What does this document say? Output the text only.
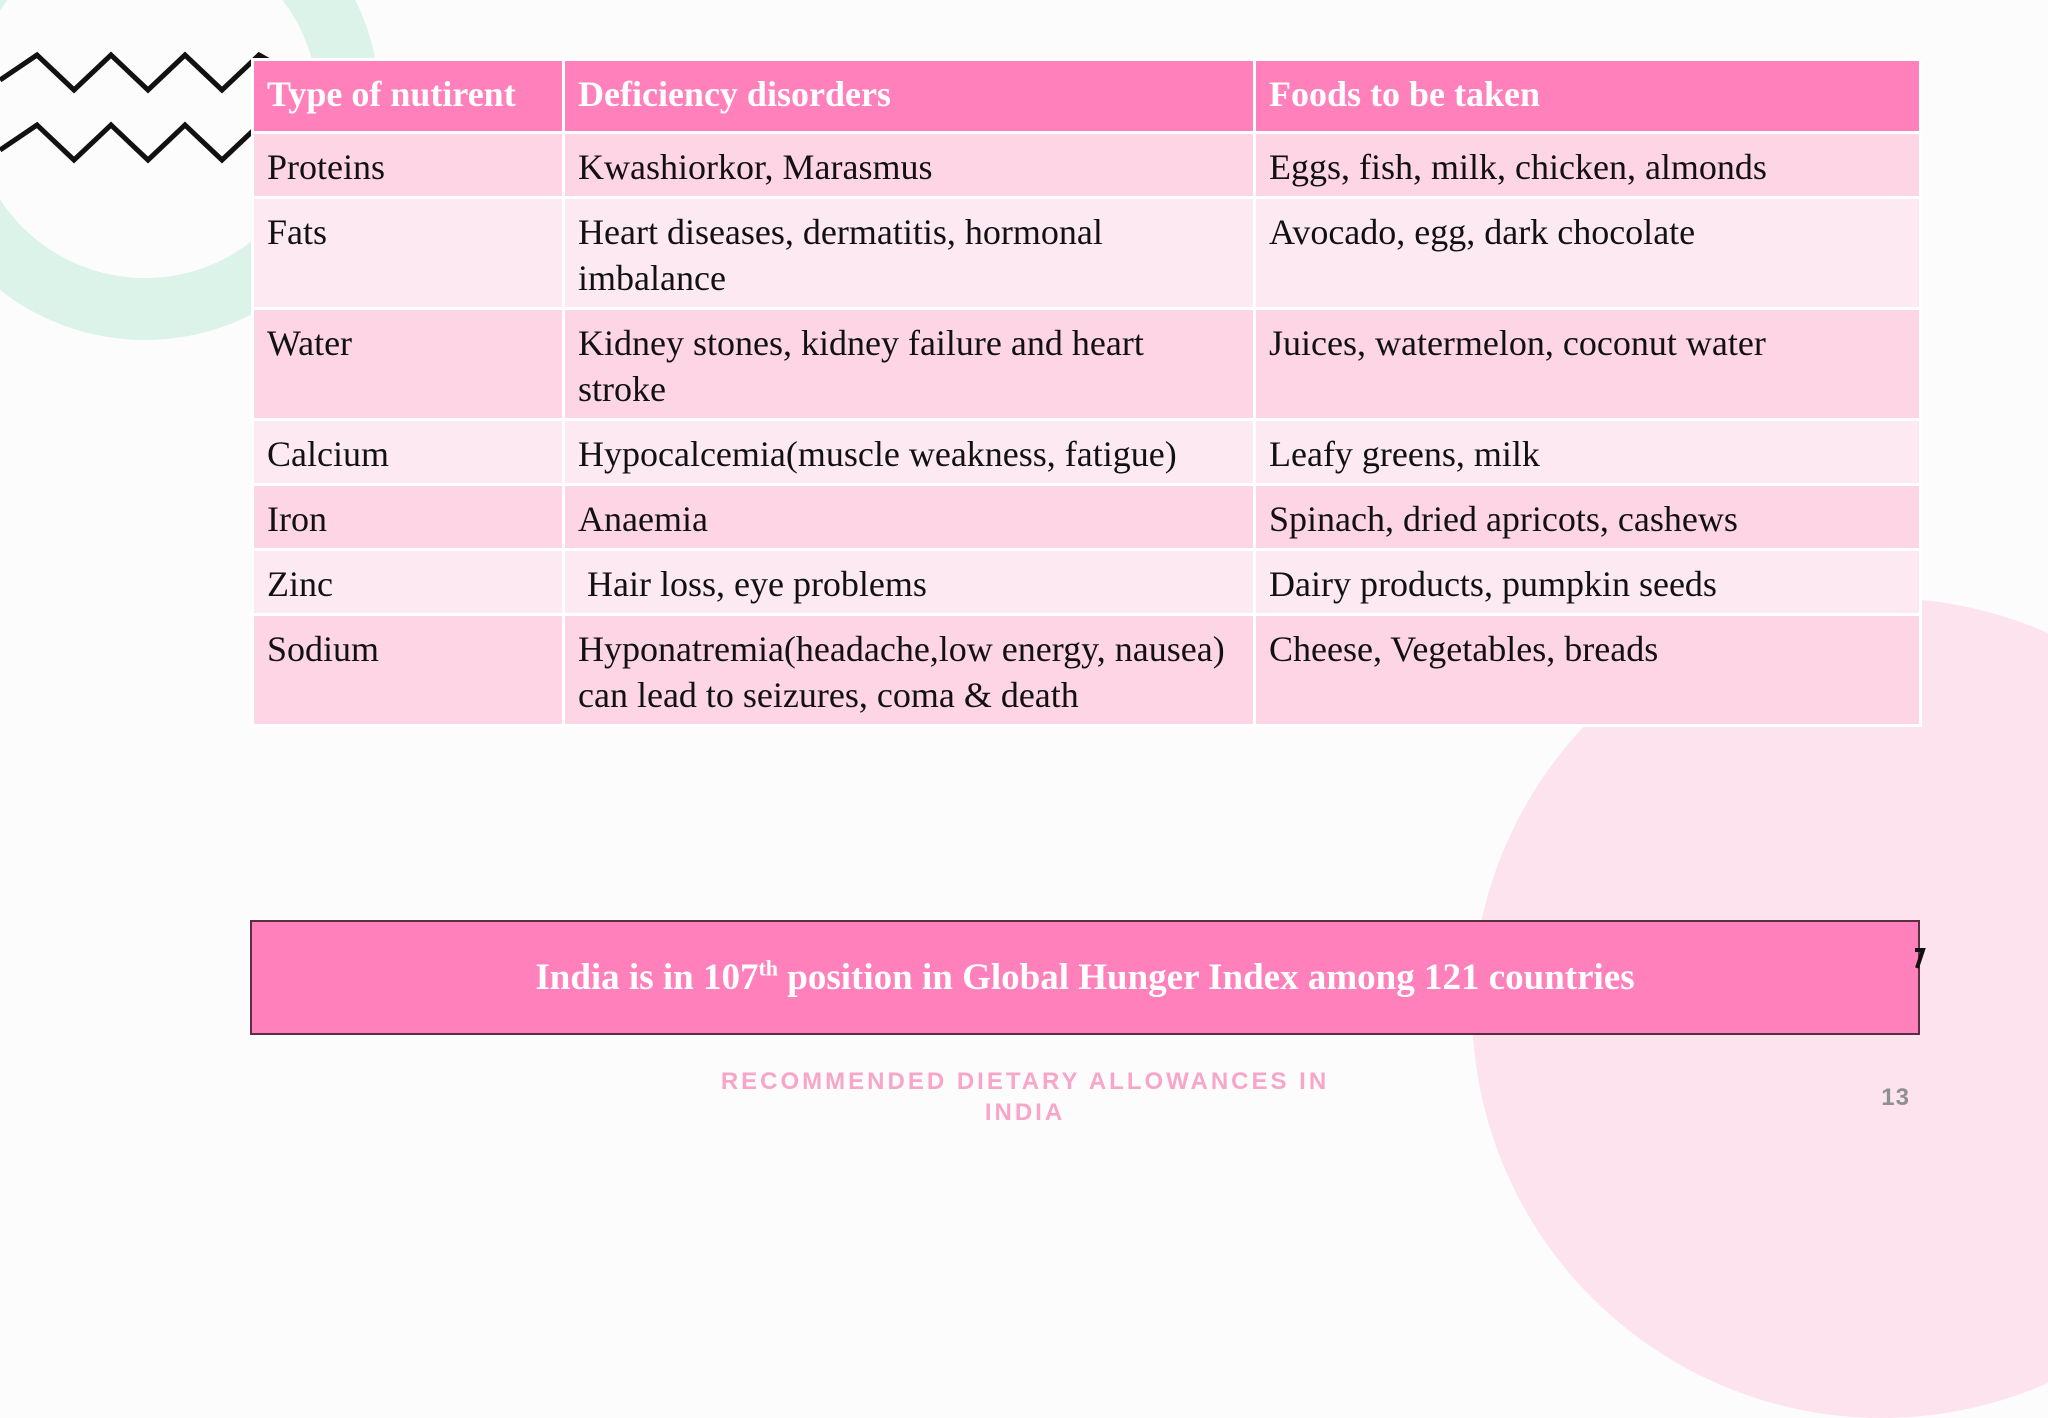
Type of nutirent	Deficiency disorders	Foods to be taken
Proteins	Kwashiorkor, Marasmus	Eggs, fish, milk, chicken, almonds
Fats	Heart diseases, dermatitis, hormonal imbalance	Avocado, egg, dark chocolate
Water	Kidney stones, kidney failure and heart stroke	Juices, watermelon, coconut water
Calcium	Hypocalcemia(muscle weakness, fatigue)	Leafy greens, milk
Iron	Anaemia	Spinach, dried apricots, cashews
Zinc	Hair loss, eye problems	Dairy products, pumpkin seeds
Sodium	Hyponatremia(headache,low energy, nausea) can lead to seizures, coma & death	Cheese, Vegetables, breads
India is in 107th position in Global Hunger Index among 121 countries
RECOMMENDED DIETARY ALLOWANCES IN INDIA
13
